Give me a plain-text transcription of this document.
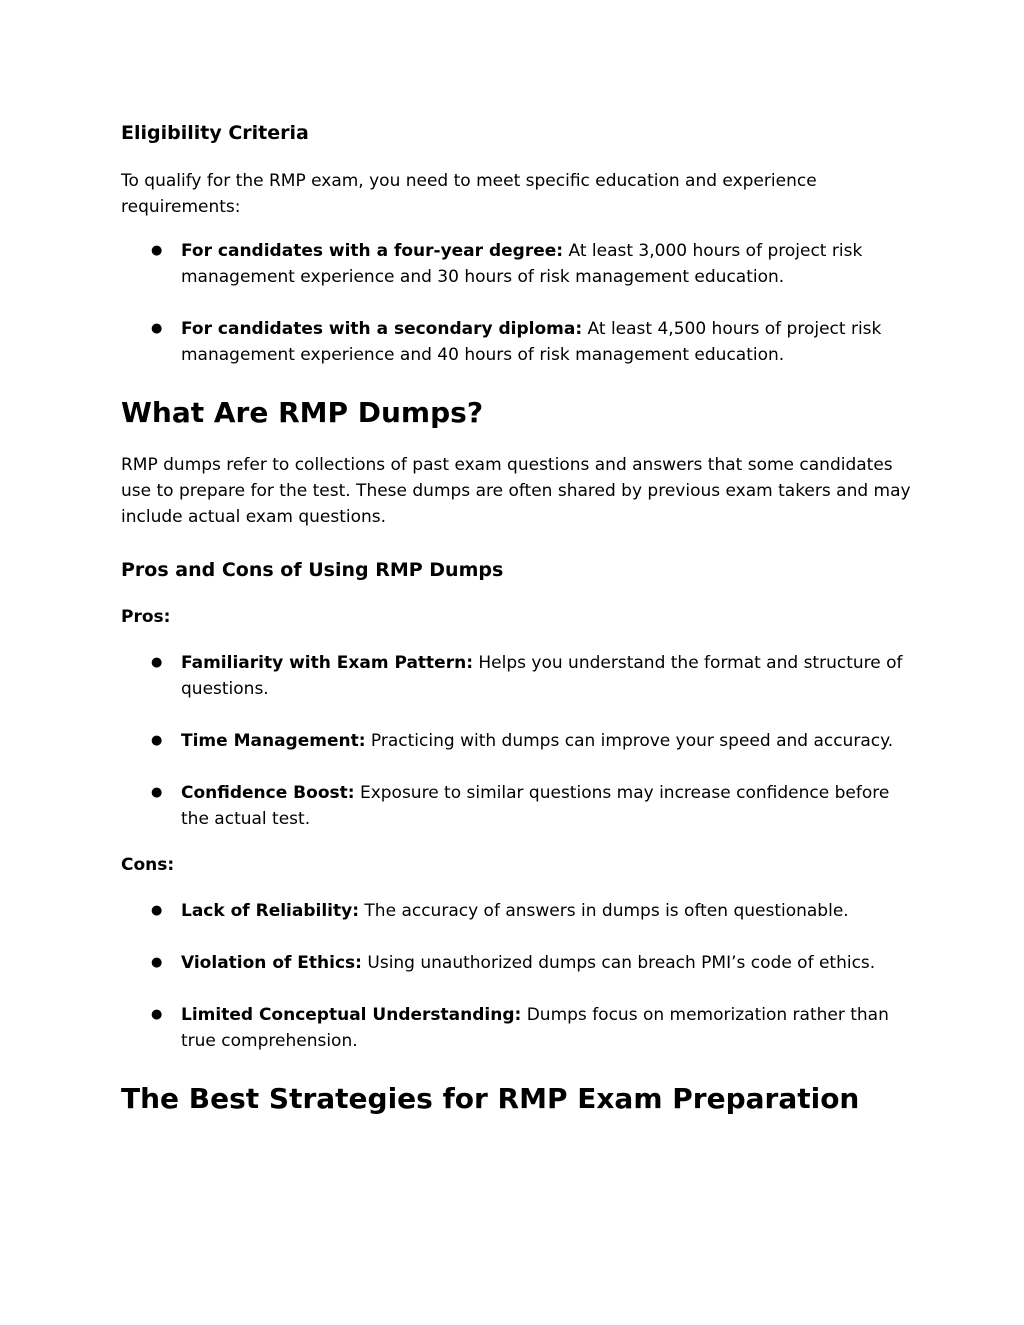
Eligibility Criteria

To qualify for the RMP exam, you need to meet specific education and experience requirements:

● For candidates with a four-year degree: At least 3,000 hours of project risk management experience and 30 hours of risk management education.
● For candidates with a secondary diploma: At least 4,500 hours of project risk management experience and 40 hours of risk management education.
What Are RMP Dumps?

RMP dumps refer to collections of past exam questions and answers that some candidates use to prepare for the test. These dumps are often shared by previous exam takers and may include actual exam questions.

Pros and Cons of Using RMP Dumps

Pros:

● Familiarity with Exam Pattern: Helps you understand the format and structure of questions.
● Time Management: Practicing with dumps can improve your speed and accuracy.
● Confidence Boost: Exposure to similar questions may increase confidence before the actual test.

Cons:

● Lack of Reliability: The accuracy of answers in dumps is often questionable.
● Violation of Ethics: Using unauthorized dumps can breach PMI’s code of ethics.
● Limited Conceptual Understanding: Dumps focus on memorization rather than true comprehension.
The Best Strategies for RMP Exam Preparation
